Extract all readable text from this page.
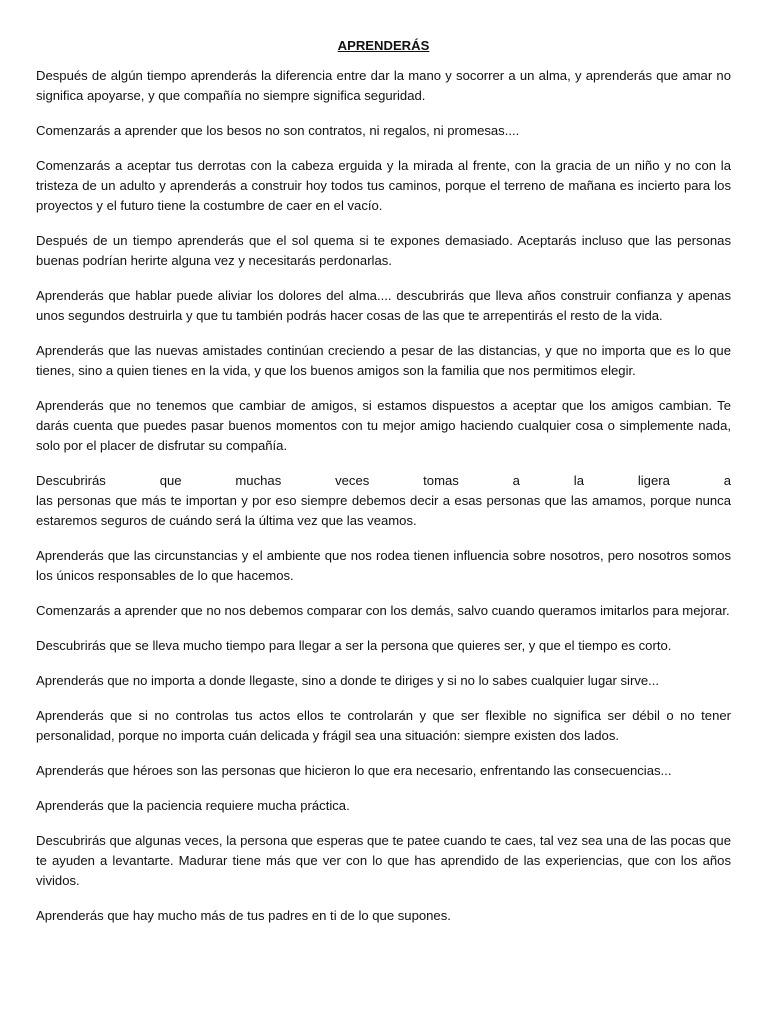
APRENDERÁS

Después de algún tiempo aprenderás la diferencia entre dar la mano y socorrer a un alma, y aprenderás que amar no significa apoyarse, y que compañía no siempre significa seguridad.

Comenzarás a aprender que los besos no son contratos, ni regalos, ni promesas....

Comenzarás a aceptar tus derrotas con la cabeza erguida y la mirada al frente, con la gracia de un niño y no con la tristeza de un adulto y aprenderás a construir hoy todos tus caminos, porque el terreno de mañana es incierto para los proyectos y el futuro tiene la costumbre de caer en el vacío.

Después de un tiempo aprenderás que el sol quema si te expones demasiado. Aceptarás incluso que las personas buenas podrían herirte alguna vez y necesitarás perdonarlas.

Aprenderás que hablar puede aliviar los dolores del alma.... descubrirás que lleva años construir confianza y apenas unos segundos destruirla y que tu también podrás hacer cosas de las que te arrepentirás el resto de la vida.

Aprenderás que las nuevas amistades continúan creciendo a pesar de las distancias, y que no importa que es lo que tienes, sino a quien tienes en la vida, y que los buenos amigos son la familia que nos permitimos elegir.

Aprenderás que no tenemos que cambiar de amigos, si estamos dispuestos a aceptar que los amigos cambian. Te darás cuenta que puedes pasar buenos momentos con tu mejor amigo haciendo cualquier cosa o simplemente nada, solo por el placer de disfrutar su compañía.

Descubrirás que muchas veces tomas a la ligera a
las personas que más te importan y por eso siempre debemos decir a esas personas que las amamos, porque nunca estaremos seguros de cuándo será la última vez que las veamos.

Aprenderás que las circunstancias y el ambiente que nos rodea tienen influencia sobre nosotros, pero nosotros somos los únicos responsables de lo que hacemos.

Comenzarás a aprender que no nos debemos comparar con los demás, salvo cuando queramos imitarlos para mejorar.

Descubrirás que se lleva mucho tiempo para llegar a ser la persona que quieres ser, y que el tiempo es corto.

Aprenderás que no importa a donde llegaste, sino a donde te diriges y si no lo sabes cualquier lugar sirve...

Aprenderás que si no controlas tus actos ellos te controlarán y que ser flexible no significa ser débil o no tener personalidad, porque no importa cuán delicada y frágil sea una situación: siempre existen dos lados.

Aprenderás que héroes son las personas que hicieron lo que era necesario, enfrentando las consecuencias...

Aprenderás que la paciencia requiere mucha práctica.

Descubrirás que algunas veces, la persona que esperas que te patee cuando te caes, tal vez sea una de las pocas que te ayuden a levantarte. Madurar tiene más que ver con lo que has aprendido de las experiencias, que con los años vividos.

Aprenderás que hay mucho más de tus padres en ti de lo que supones.
